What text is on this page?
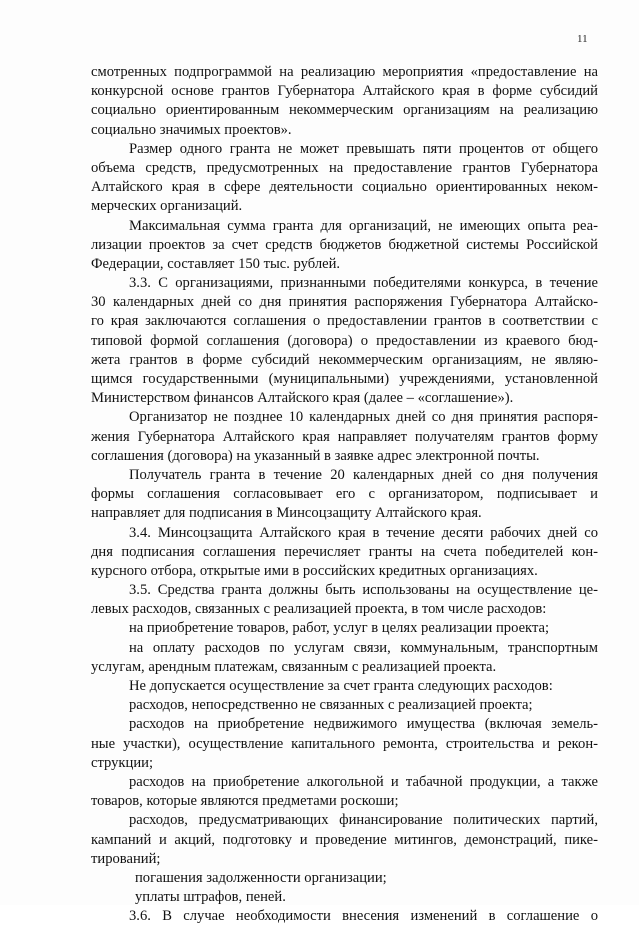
11
смотренных подпрограммой на реализацию мероприятия «предоставление на
конкурсной основе грантов Губернатора Алтайского края в форме субсидий
социально ориентированным некоммерческим организациям на реализацию
социально значимых проектов».
Размер одного гранта не может превышать пяти процентов от общего
объема средств, предусмотренных на предоставление грантов Губернатора
Алтайского края в сфере деятельности социально ориентированных неком-
мерческих организаций.
Максимальная сумма гранта для организаций, не имеющих опыта реа-
лизации проектов за счет средств бюджетов бюджетной системы Российской
Федерации, составляет 150 тыс. рублей.
3.3. С организациями, признанными победителями конкурса, в течение
30 календарных дней со дня принятия распоряжения Губернатора Алтайско-
го края заключаются соглашения о предоставлении грантов в соответствии с
типовой формой соглашения (договора) о предоставлении из краевого бюд-
жета грантов в форме субсидий некоммерческим организациям, не являю-
щимся государственными (муниципальными) учреждениями, установленной
Министерством финансов Алтайского края (далее – «соглашение»).
Организатор не позднее 10 календарных дней со дня принятия распоря-
жения Губернатора Алтайского края направляет получателям грантов форму
соглашения (договора) на указанный в заявке адрес электронной почты.
Получатель гранта в течение 20 календарных дней со дня получения
формы соглашения согласовывает его с организатором, подписывает и
направляет для подписания в Минсоцзащиту Алтайского края.
3.4. Минсоцзащита Алтайского края в течение десяти рабочих дней со
дня подписания соглашения перечисляет гранты на счета победителей кон-
курсного отбора, открытые ими в российских кредитных организациях.
3.5. Средства гранта должны быть использованы на осуществление це-
левых расходов, связанных с реализацией проекта, в том числе расходов:
на приобретение товаров, работ, услуг в целях реализации проекта;
на оплату расходов по услугам связи, коммунальным, транспортным
услугам, арендным платежам, связанным с реализацией проекта.
Не допускается осуществление за счет гранта следующих расходов:
расходов, непосредственно не связанных с реализацией проекта;
расходов на приобретение недвижимого имущества (включая земель-
ные участки), осуществление капитального ремонта, строительства и рекон-
струкции;
расходов на приобретение алкогольной и табачной продукции, а также
товаров, которые являются предметами роскоши;
расходов, предусматривающих финансирование политических партий,
кампаний и акций, подготовку и проведение митингов, демонстраций, пике-
тирований;
погашения задолженности организации;
уплаты штрафов, пеней.
3.6. В случае необходимости внесения изменений в соглашение о
